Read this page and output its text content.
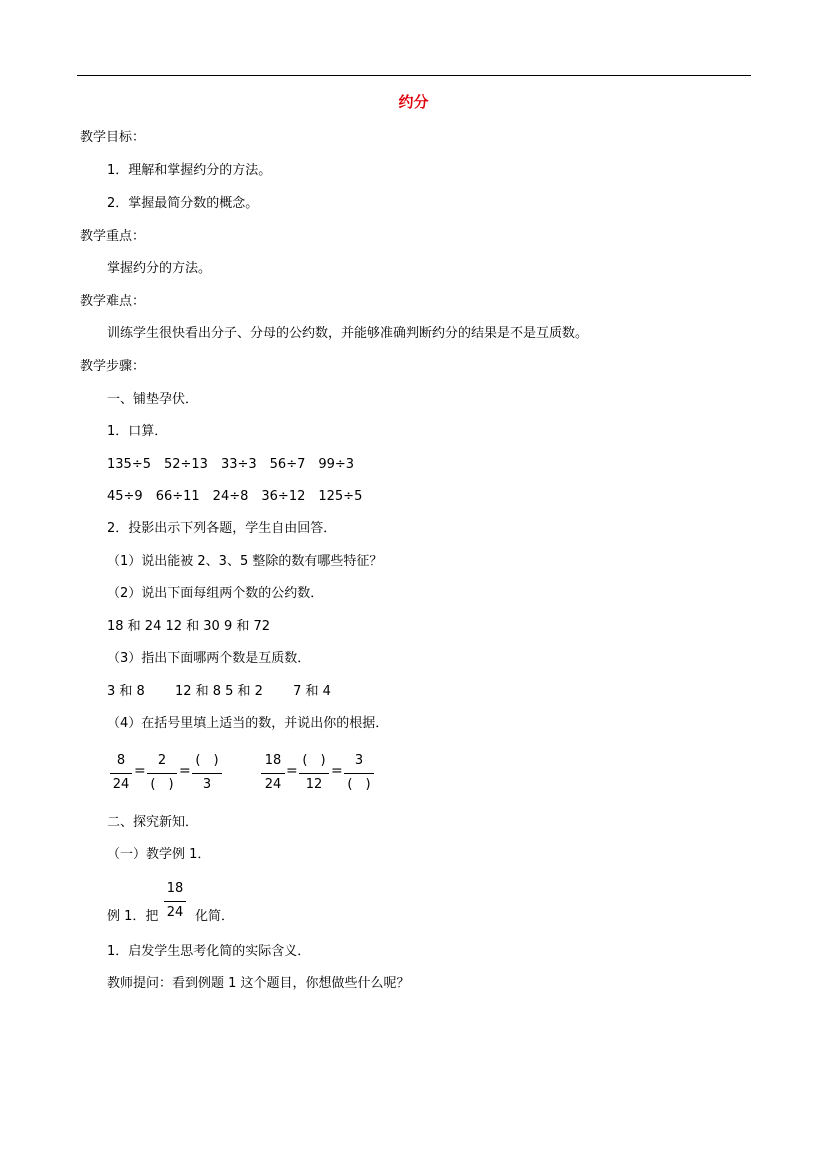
约分
教学目标：
1．理解和掌握约分的方法。
2．掌握最简分数的概念。
教学重点：
掌握约分的方法。
教学难点：
训练学生很快看出分子、分母的公约数，并能够准确判断约分的结果是不是互质数。
教学步骤：
一、铺垫孕伏．
1．口算．
135÷5　52÷13　33÷3　56÷7　99÷3
45÷9　66÷11　24÷8　36÷12　125÷5
2．投影出示下列各题，学生自由回答．
（1）说出能被 2、3、5 整除的数有哪些特征？
（2）说出下面每组两个数的公约数．
18 和 24 12 和 30 9 和 72
（3）指出下面哪两个数是互质数．
3 和 8　　 12 和 8 5 和 2　　 7 和 4
（4）在括号里填上适当的数，并说出你的根据．
8
24
=
2
(　)
=
(　)
3
18
24
=
(　)
12
=
3
(　)
二、探究新知．
（一）教学例 1．
例 1．把
18
24 化简．
1．启发学生思考化简的实际含义．
教师提问：看到例题 1 这个题目，你想做些什么呢？
